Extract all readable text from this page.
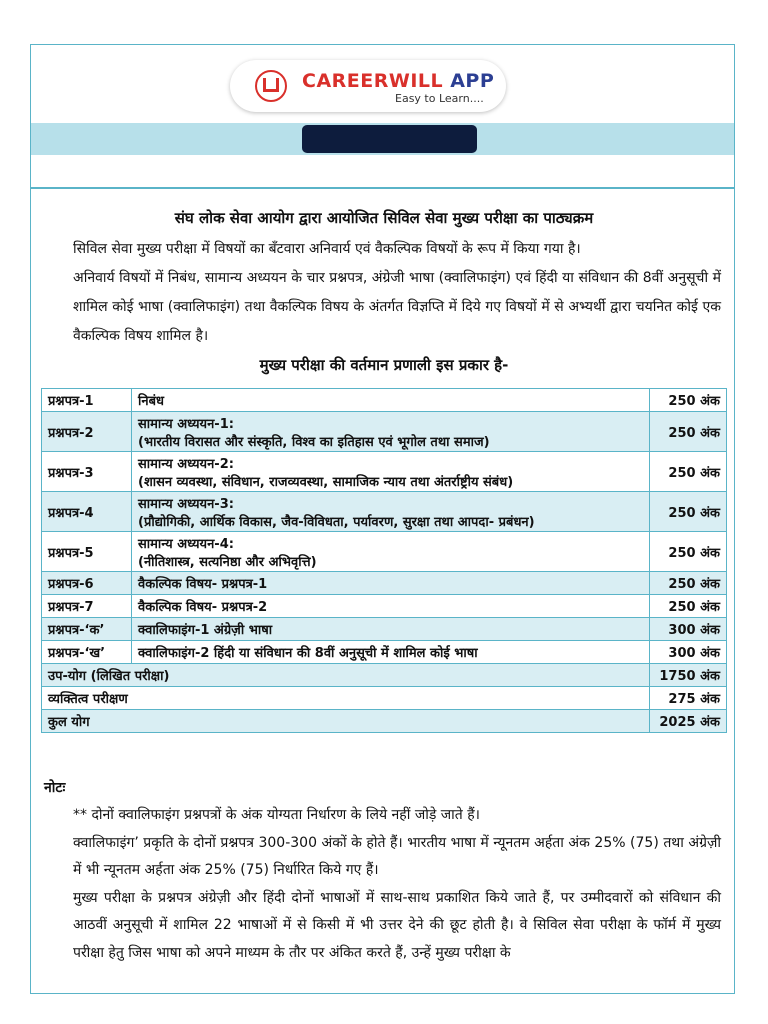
CAREERWILL APP
Easy to Learn....
संघ लोक सेवा आयोग द्वारा आयोजित सिविल सेवा मुख्य परीक्षा का पाठ्यक्रम
सिविल सेवा मुख्य परीक्षा में विषयों का बँटवारा अनिवार्य एवं वैकल्पिक विषयों के रूप में किया गया है।
अनिवार्य विषयों में निबंध, सामान्य अध्ययन के चार प्रश्नपत्र, अंग्रेजी भाषा (क्वालिफाइंग) एवं हिंदी या संविधान की 8वीं अनुसूची में शामिल कोई भाषा (क्वालिफाइंग) तथा वैकल्पिक विषय के अंतर्गत विज्ञप्ति में दिये गए विषयों में से अभ्यर्थी द्वारा चयनित कोई एक वैकल्पिक विषय शामिल है।
मुख्य परीक्षा की वर्तमान प्रणाली इस प्रकार है-
प्रश्नपत्र-1	निबंध	250 अंक
प्रश्नपत्र-2	सामान्य अध्ययन-1:
(भारतीय विरासत और संस्कृति, विश्व का इतिहास एवं भूगोल तथा समाज)	250 अंक
प्रश्नपत्र-3	सामान्य अध्ययन-2:
(शासन व्यवस्था, संविधान, राजव्यवस्था, सामाजिक न्याय तथा अंतर्राष्ट्रीय संबंध)	250 अंक
प्रश्नपत्र-4	सामान्य अध्ययन-3:
(प्रौद्योगिकी, आर्थिक विकास, जैव-विविधता, पर्यावरण, सुरक्षा तथा आपदा- प्रबंधन)	250 अंक
प्रश्नपत्र-5	सामान्य अध्ययन-4:
(नीतिशास्त्र, सत्यनिष्ठा और अभिवृत्ति)	250 अंक
प्रश्नपत्र-6	वैकल्पिक विषय- प्रश्नपत्र-1	250 अंक
प्रश्नपत्र-7	वैकल्पिक विषय- प्रश्नपत्र-2	250 अंक
प्रश्नपत्र-‘क’	क्वालिफाइंग-1 अंग्रेज़ी भाषा	300 अंक
प्रश्नपत्र-‘ख’	क्वालिफाइंग-2 हिंदी या संविधान की 8वीं अनुसूची में शामिल कोई भाषा	300 अंक
उप-योग (लिखित परीक्षा)		1750 अंक
व्यक्तित्व परीक्षण		275 अंक
कुल योग		2025 अंक
नोटः

** दोनों क्वालिफाइंग प्रश्नपत्रों के अंक योग्यता निर्धारण के लिये नहीं जोड़े जाते हैं।

क्वालिफाइंग’ प्रकृति के दोनों प्रश्नपत्र 300-300 अंकों के होते हैं। भारतीय भाषा में न्यूनतम अर्हता अंक 25% (75) तथा अंग्रेज़ी में भी न्यूनतम अर्हता अंक 25% (75) निर्धारित किये गए हैं।

मुख्य परीक्षा के प्रश्नपत्र अंग्रेज़ी और हिंदी दोनों भाषाओं में साथ-साथ प्रकाशित किये जाते हैं, पर उम्मीदवारों को संविधान की आठवीं अनुसूची में शामिल 22 भाषाओं में से किसी में भी उत्तर देने की छूट होती है। वे सिविल सेवा परीक्षा के फॉर्म में मुख्य परीक्षा हेतु जिस भाषा को अपने माध्यम के तौर पर अंकित करते हैं, उन्हें मुख्य परीक्षा के
